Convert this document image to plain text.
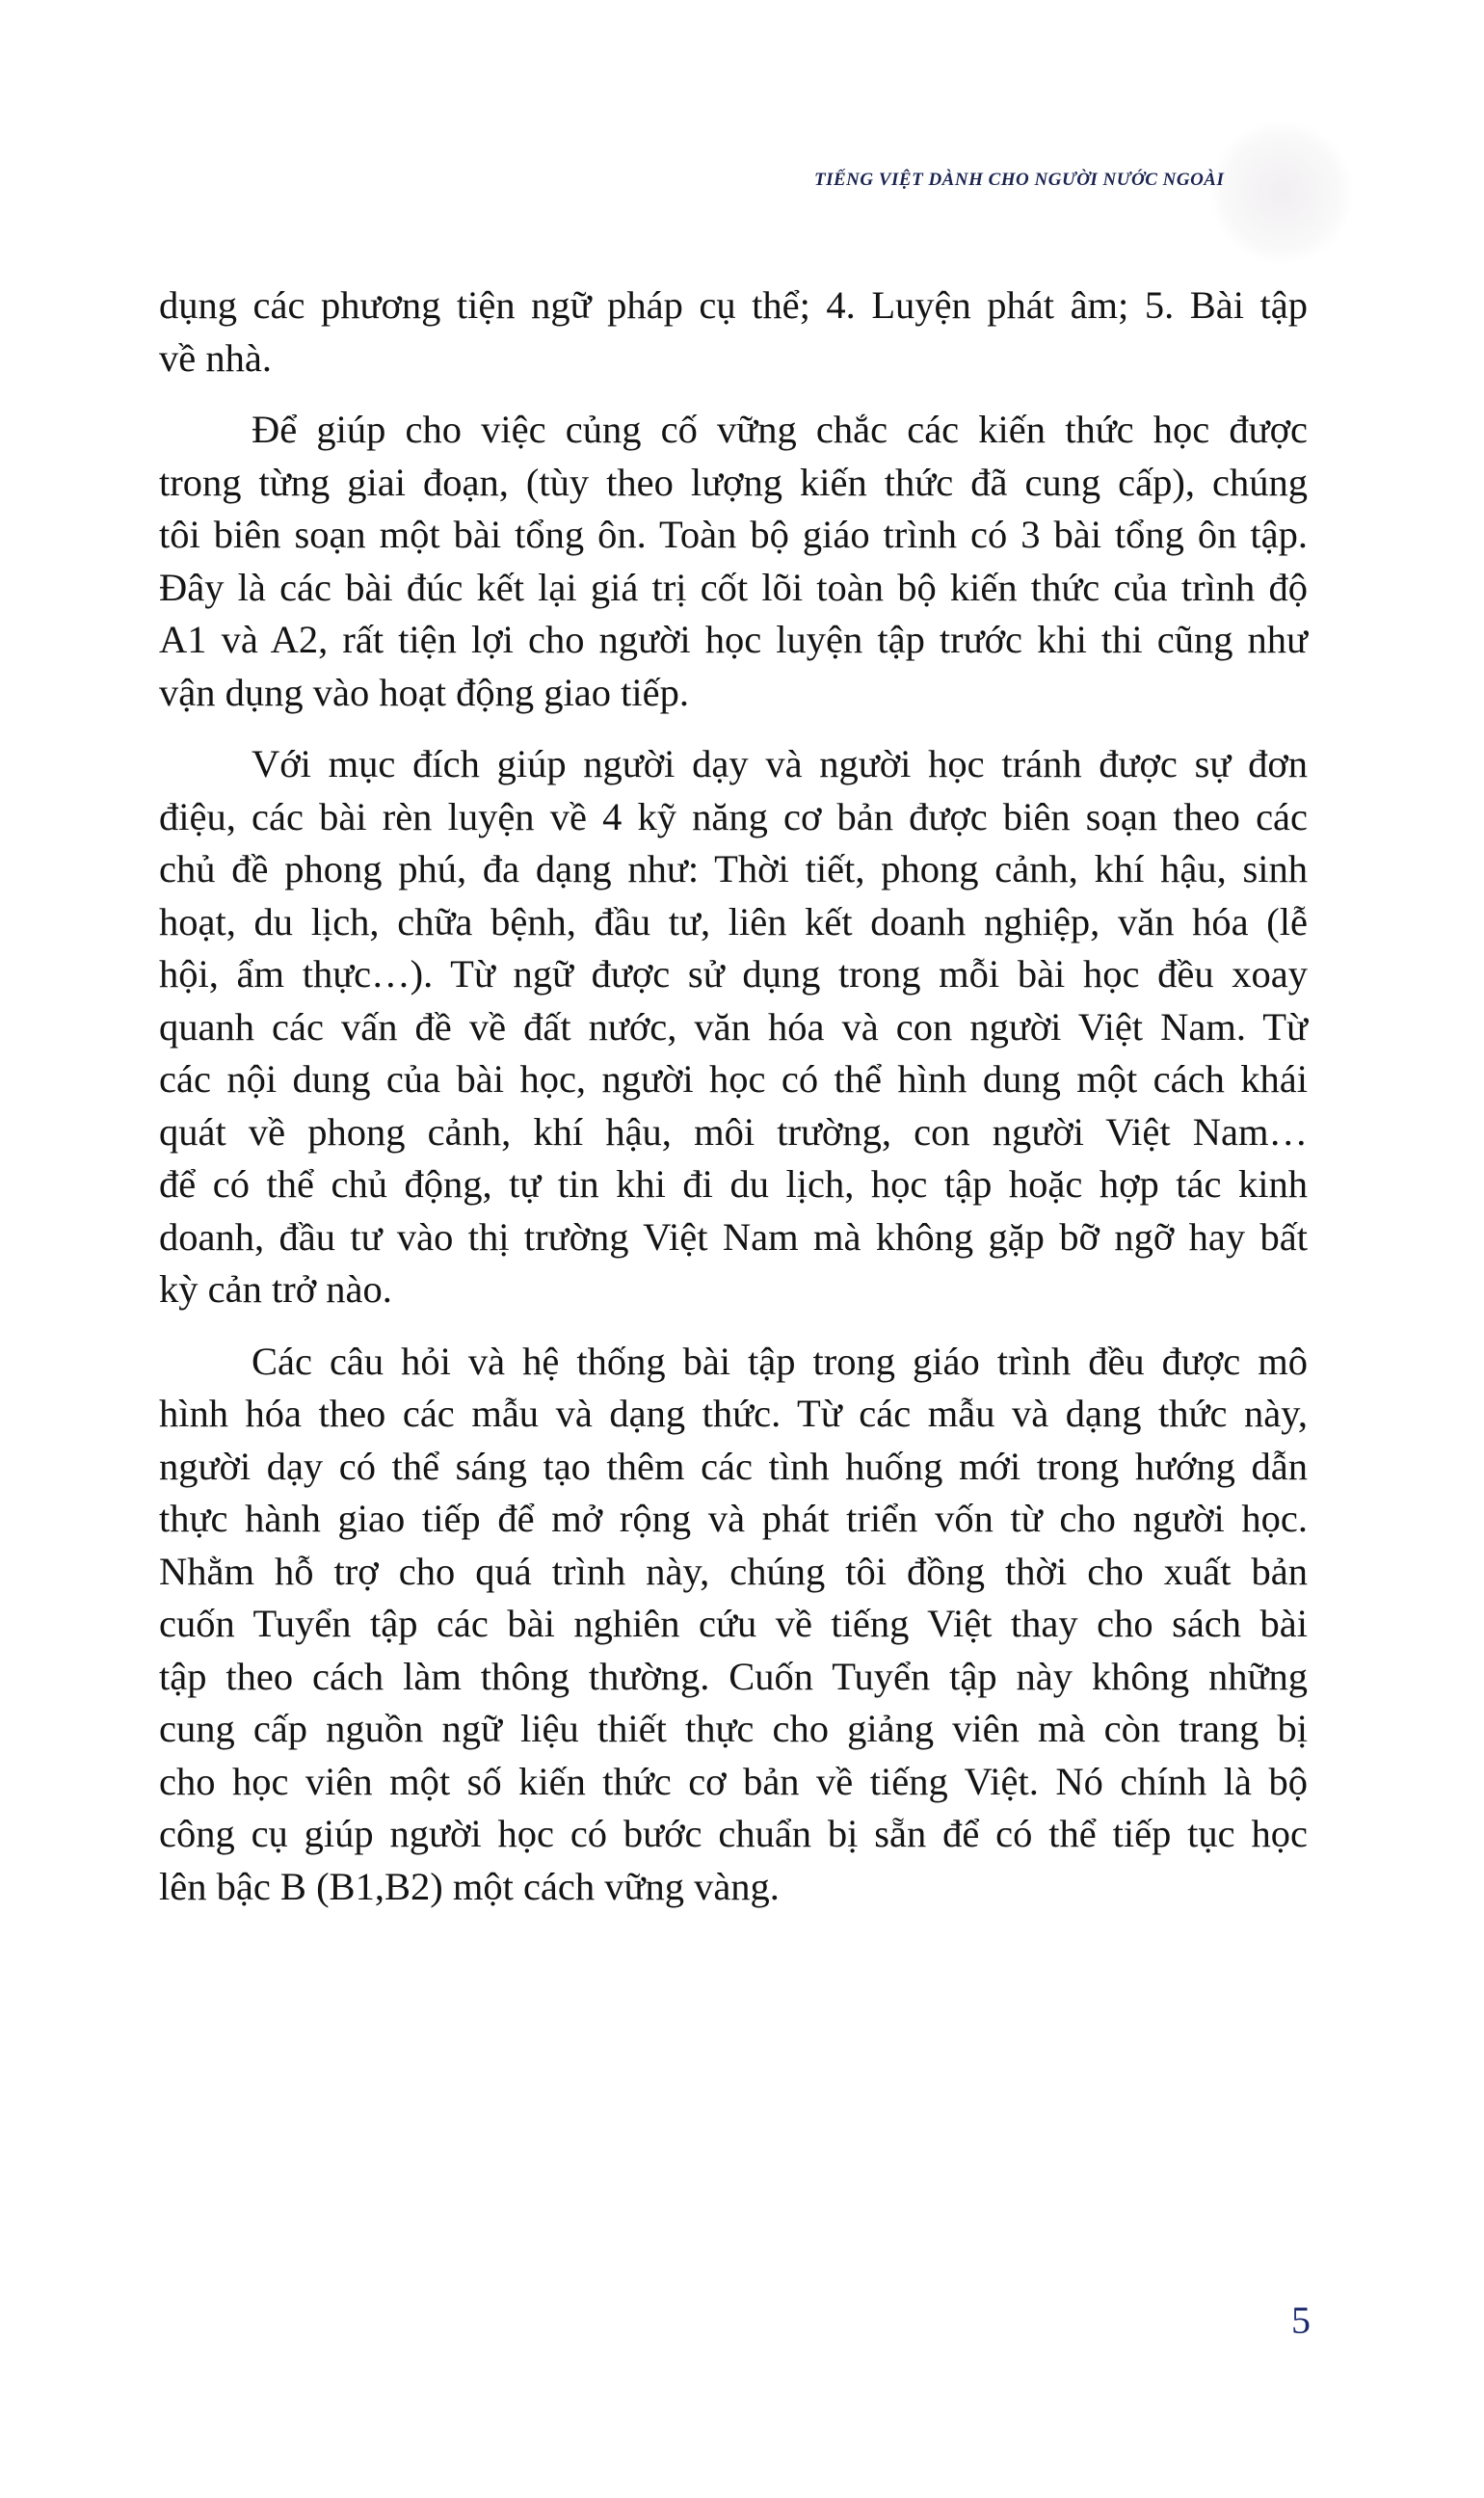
TIẾNG VIỆT DÀNH CHO NGƯỜI NƯỚC NGOÀI
dụng các phương tiện ngữ pháp cụ thể; 4. Luyện phát âm; 5. Bài tập
về nhà.
Để giúp cho việc củng cố vững chắc các kiến thức học được
trong từng giai đoạn, (tùy theo lượng kiến thức đã cung cấp), chúng
tôi biên soạn một bài tổng ôn. Toàn bộ giáo trình có 3 bài tổng ôn tập.
Đây là các bài đúc kết lại giá trị cốt lõi toàn bộ kiến thức của trình độ
A1 và A2, rất tiện lợi cho người học luyện tập trước khi thi cũng như
vận dụng vào hoạt động giao tiếp.
Với mục đích giúp người dạy và người học tránh được sự đơn
điệu, các bài rèn luyện về 4 kỹ năng cơ bản được biên soạn theo các
chủ đề phong phú, đa dạng như: Thời tiết, phong cảnh, khí hậu, sinh
hoạt, du lịch, chữa bệnh, đầu tư, liên kết doanh nghiệp, văn hóa (lễ
hội, ẩm thực…). Từ ngữ được sử dụng trong mỗi bài học đều xoay
quanh các vấn đề về đất nước, văn hóa và con người Việt Nam. Từ
các nội dung của bài học, người học có thể hình dung một cách khái
quát về phong cảnh, khí hậu, môi trường, con người Việt Nam…
để có thể chủ động, tự tin khi đi du lịch, học tập hoặc hợp tác kinh
doanh, đầu tư vào thị trường Việt Nam mà không gặp bỡ ngỡ hay bất
kỳ cản trở nào.
Các câu hỏi và hệ thống bài tập trong giáo trình đều được mô
hình hóa theo các mẫu và dạng thức. Từ các mẫu và dạng thức này,
người dạy có thể sáng tạo thêm các tình huống mới trong hướng dẫn
thực hành giao tiếp để mở rộng và phát triển vốn từ cho người học.
Nhằm hỗ trợ cho quá trình này, chúng tôi đồng thời cho xuất bản
cuốn Tuyển tập các bài nghiên cứu về tiếng Việt thay cho sách bài
tập theo cách làm thông thường. Cuốn Tuyển tập này không những
cung cấp nguồn ngữ liệu thiết thực cho giảng viên mà còn trang bị
cho học viên một số kiến thức cơ bản về tiếng Việt. Nó chính là bộ
công cụ giúp người học có bước chuẩn bị sẵn để có thể tiếp tục học
lên bậc B (B1,B2) một cách vững vàng.
5
